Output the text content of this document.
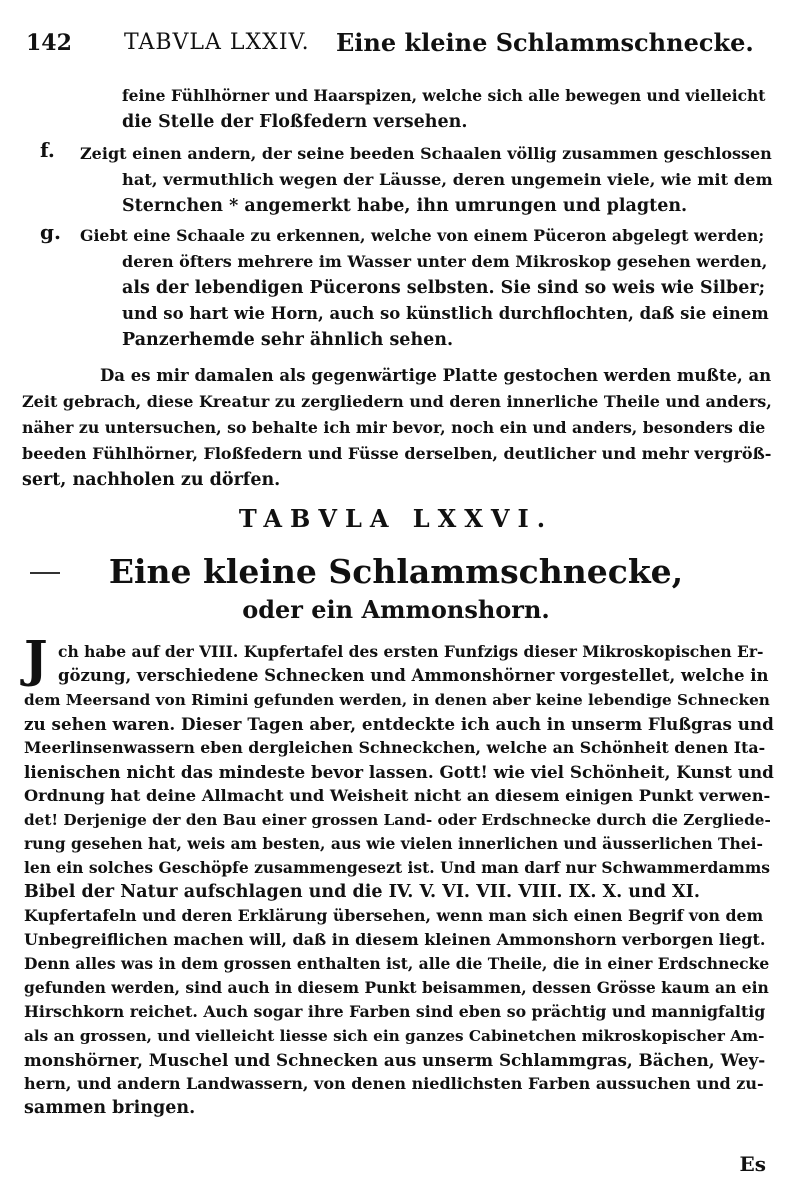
142 TABVLA LXXIV. Eine kleine Schlammschnecke.
feine Fühlhörner und Haarspizen, welche sich alle bewegen und vielleicht
die Stelle der Floßfedern versehen.
f. Zeigt einen andern, der seine beeden Schaalen völlig zusammen geschlossen
hat, vermuthlich wegen der Läusse, deren ungemein viele, wie mit dem
Sternchen * angemerkt habe, ihn umrungen und plagten.
g. Giebt eine Schaale zu erkennen, welche von einem Püceron abgelegt werden;
deren öfters mehrere im Wasser unter dem Mikroskop gesehen werden,
als der lebendigen Pücerons selbsten. Sie sind so weis wie Silber;
und so hart wie Horn, auch so künstlich durchflochten, daß sie einem
Panzerhemde sehr ähnlich sehen.
Da es mir damalen als gegenwärtige Platte gestochen werden mußte, an
Zeit gebrach, diese Kreatur zu zergliedern und deren innerliche Theile und anders,
näher zu untersuchen, so behalte ich mir bevor, noch ein und anders, besonders die
beeden Fühlhörner, Floßfedern und Füsse derselben, deutlicher und mehr vergröß-
sert, nachholen zu dörfen.
TABVLA LXXVI.
Eine kleine Schlammschnecke,
oder ein Ammonshorn.
J ch habe auf der VIII. Kupfertafel des ersten Funfzigs dieser Mikroskopischen Er-
gözung, verschiedene Schnecken und Ammonshörner vorgestellet, welche in
dem Meersand von Rimini gefunden werden, in denen aber keine lebendige Schnecken
zu sehen waren. Dieser Tagen aber, entdeckte ich auch in unserm Flußgras und
Meerlinsenwassern eben dergleichen Schneckchen, welche an Schönheit denen Ita-
lienischen nicht das mindeste bevor lassen. Gott! wie viel Schönheit, Kunst und
Ordnung hat deine Allmacht und Weisheit nicht an diesem einigen Punkt verwen-
det! Derjenige der den Bau einer grossen Land- oder Erdschnecke durch die Zergliede-
rung gesehen hat, weis am besten, aus wie vielen innerlichen und äusserlichen Thei-
len ein solches Geschöpfe zusammengesezt ist. Und man darf nur Schwammerdamms
Bibel der Natur aufschlagen und die IV. V. VI. VII. VIII. IX. X. und XI.
Kupfertafeln und deren Erklärung übersehen, wenn man sich einen Begrif von dem
Unbegreiflichen machen will, daß in diesem kleinen Ammonshorn verborgen liegt.
Denn alles was in dem grossen enthalten ist, alle die Theile, die in einer Erdschnecke
gefunden werden, sind auch in diesem Punkt beisammen, dessen Grösse kaum an ein
Hirschkorn reichet. Auch sogar ihre Farben sind eben so prächtig und mannigfaltig
als an grossen, und vielleicht liesse sich ein ganzes Cabinetchen mikroskopischer Am-
monshörner, Muschel und Schnecken aus unserm Schlammgras, Bächen, Wey-
hern, und andern Landwassern, von denen niedlichsten Farben aussuchen und zu-
sammen bringen.
Es
